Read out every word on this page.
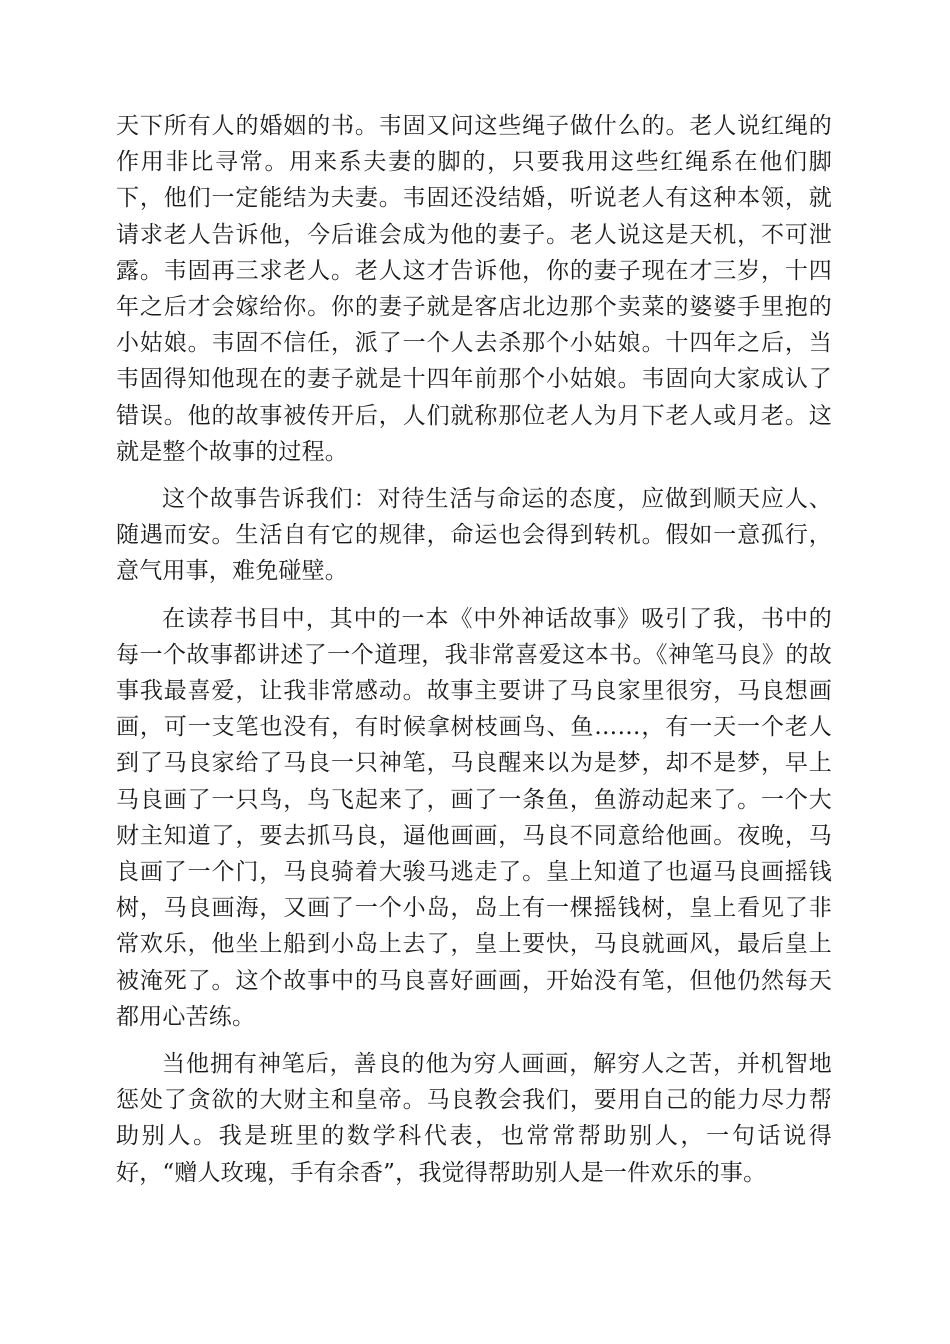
天下所有人的婚姻的书。韦固又问这些绳子做什么的。老人说红绳的作用非比寻常。用来系夫妻的脚的，只要我用这些红绳系在他们脚下，他们一定能结为夫妻。韦固还没结婚，听说老人有这种本领，就请求老人告诉他，今后谁会成为他的妻子。老人说这是天机，不可泄露。韦固再三求老人。老人这才告诉他，你的妻子现在才三岁，十四年之后才会嫁给你。你的妻子就是客店北边那个卖菜的婆婆手里抱的小姑娘。韦固不信任，派了一个人去杀那个小姑娘。十四年之后，当韦固得知他现在的妻子就是十四年前那个小姑娘。韦固向大家成认了错误。他的故事被传开后，人们就称那位老人为月下老人或月老。这就是整个故事的过程。

这个故事告诉我们：对待生活与命运的态度，应做到顺天应人、随遇而安。生活自有它的规律，命运也会得到转机。假如一意孤行，意气用事，难免碰壁。

在读荐书目中，其中的一本《中外神话故事》吸引了我，书中的每一个故事都讲述了一个道理，我非常喜爱这本书。《神笔马良》的故事我最喜爱，让我非常感动。故事主要讲了马良家里很穷，马良想画画，可一支笔也没有，有时候拿树枝画鸟、鱼……，有一天一个老人到了马良家给了马良一只神笔，马良醒来以为是梦，却不是梦，早上马良画了一只鸟，鸟飞起来了，画了一条鱼，鱼游动起来了。一个大财主知道了，要去抓马良，逼他画画，马良不同意给他画。夜晚，马良画了一个门，马良骑着大骏马逃走了。皇上知道了也逼马良画摇钱树，马良画海，又画了一个小岛，岛上有一棵摇钱树，皇上看见了非常欢乐，他坐上船到小岛上去了，皇上要快，马良就画风，最后皇上被淹死了。这个故事中的马良喜好画画，开始没有笔，但他仍然每天都用心苦练。

当他拥有神笔后，善良的他为穷人画画，解穷人之苦，并机智地惩处了贪欲的大财主和皇帝。马良教会我们，要用自己的能力尽力帮助别人。我是班里的数学科代表，也常常帮助别人，一句话说得好，“赠人玫瑰，手有余香”，我觉得帮助别人是一件欢乐的事。
